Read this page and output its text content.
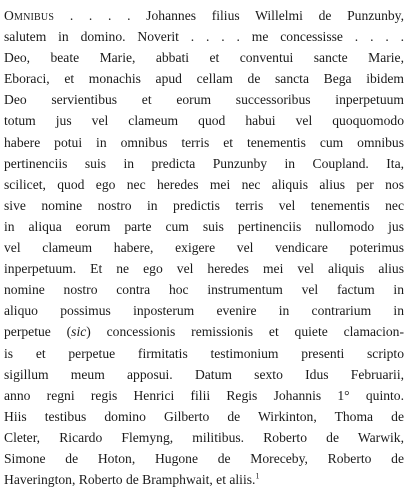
Omnibus . . . . Johannes filius Willelmi de Punzunby,
salutem in domino. Noverit . . . . me concessisse . . . .
Deo, beate Marie, abbati et conventui sancte Marie,
Eboraci, et monachis apud cellam de sancta Bega ibidem
Deo servientibus et eorum successoribus inperpetuum
totum jus vel clameum quod habui vel quoquomodo
habere potui in omnibus terris et tenementis cum omnibus
pertinenciis suis in predicta Punzunby in Coupland. Ita,
scilicet, quod ego nec heredes mei nec aliquis alius per nos
sive nomine nostro in predictis terris vel tenementis nec
in aliqua eorum parte cum suis pertinenciis nullomodo jus
vel clameum habere, exigere vel vendicare poterimus
inperpetuum. Et ne ego vel heredes mei vel aliquis alius
nomine nostro contra hoc instrumentum vel factum in
aliquo possimus inposterum evenire in contrarium in
perpetue (sic) concessionis remissionis et quiete clamacion-
is et perpetue firmitatis testimonium presenti scripto
sigillum meum apposui. Datum sexto Idus Februarii,
anno regni regis Henrici filii Regis Johannis 1° quinto.
Hiis testibus domino Gilberto de Wirkinton, Thoma de
Cleter, Ricardo Flemyng, militibus. Roberto de Warwik,
Simone de Hoton, Hugone de Moreceby, Roberto de
Haverington, Roberto de Bramphwait, et aliis.$^1$
